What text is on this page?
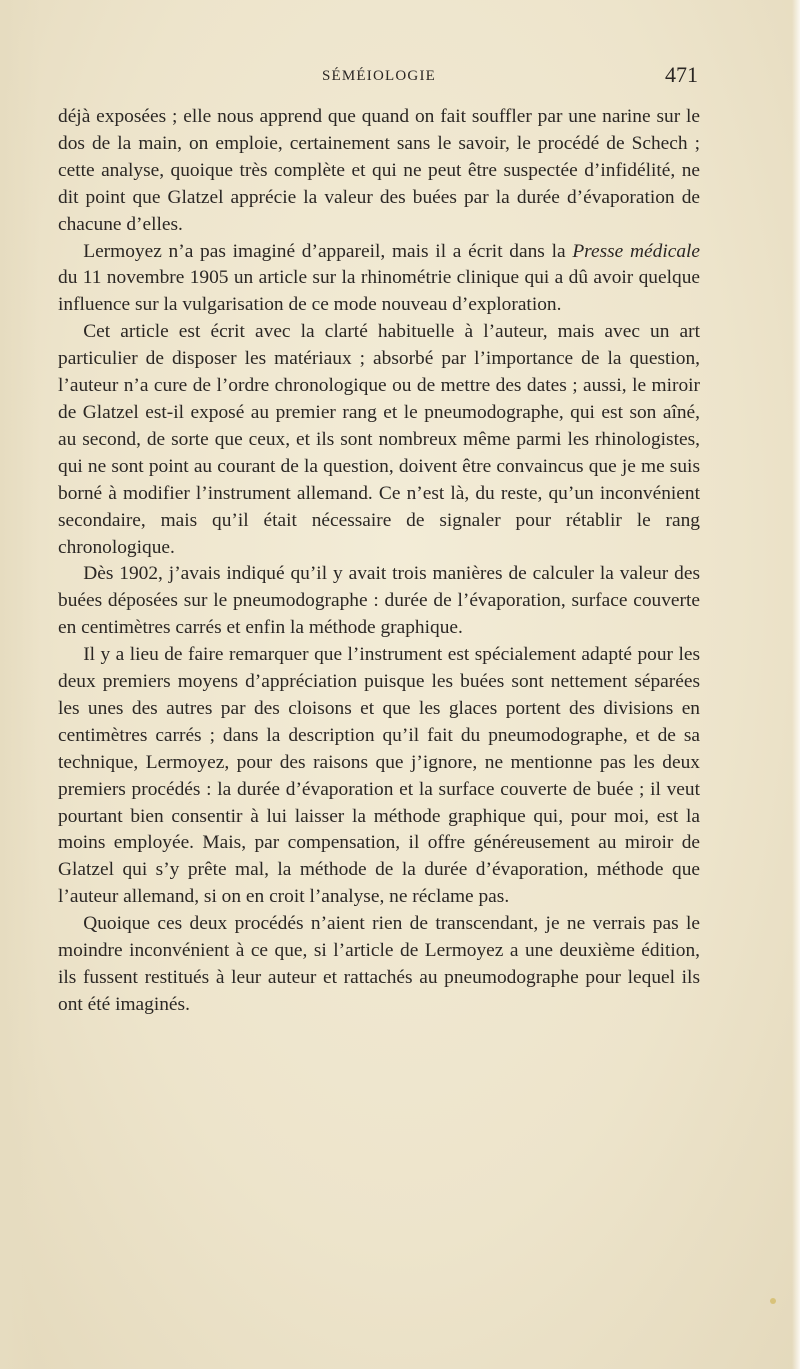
SÉMÉIOLOGIE	471

déjà exposées ; elle nous apprend que quand on fait souffler par une narine sur le dos de la main, on emploie, certainement sans le savoir, le procédé de Schech ; cette analyse, quoique très complète et qui ne peut être suspectée d’infidélité, ne dit point que Glatzel apprécie la valeur des buées par la durée d’évaporation de chacune d’elles.

Lermoyez n’a pas imaginé d’appareil, mais il a écrit dans la Presse médicale du 11 novembre 1905 un article sur la rhinométrie clinique qui a dû avoir quelque influence sur la vulgarisation de ce mode nouveau d’exploration.

Cet article est écrit avec la clarté habituelle à l’auteur, mais avec un art particulier de disposer les matériaux ; absorbé par l’importance de la question, l’auteur n’a cure de l’ordre chronologique ou de mettre des dates ; aussi, le miroir de Glatzel est-il exposé au premier rang et le pneumodographe, qui est son aîné, au second, de sorte que ceux, et ils sont nombreux même parmi les rhinologistes, qui ne sont point au courant de la question, doivent être convaincus que je me suis borné à modifier l’instrument allemand. Ce n’est là, du reste, qu’un inconvénient secondaire, mais qu’il était nécessaire de signaler pour rétablir le rang chronologique.

Dès 1902, j’avais indiqué qu’il y avait trois manières de calculer la valeur des buées déposées sur le pneumodographe : durée de l’évaporation, surface couverte en centimètres carrés et enfin la méthode graphique.

Il y a lieu de faire remarquer que l’instrument est spécialement adapté pour les deux premiers moyens d’appréciation puisque les buées sont nettement séparées les unes des autres par des cloisons et que les glaces portent des divisions en centimètres carrés ; dans la description qu’il fait du pneumodographe, et de sa technique, Lermoyez, pour des raisons que j’ignore, ne mentionne pas les deux premiers procédés : la durée d’évaporation et la surface couverte de buée ; il veut pourtant bien consentir à lui laisser la méthode graphique qui, pour moi, est la moins employée. Mais, par compensation, il offre généreusement au miroir de Glatzel qui s’y prête mal, la méthode de la durée d’évaporation, méthode que l’auteur allemand, si on en croit l’analyse, ne réclame pas.

Quoique ces deux procédés n’aient rien de transcendant, je ne verrais pas le moindre inconvénient à ce que, si l’article de Lermoyez a une deuxième édition, ils fussent restitués à leur auteur et rattachés au pneumodographe pour lequel ils ont été imaginés.
